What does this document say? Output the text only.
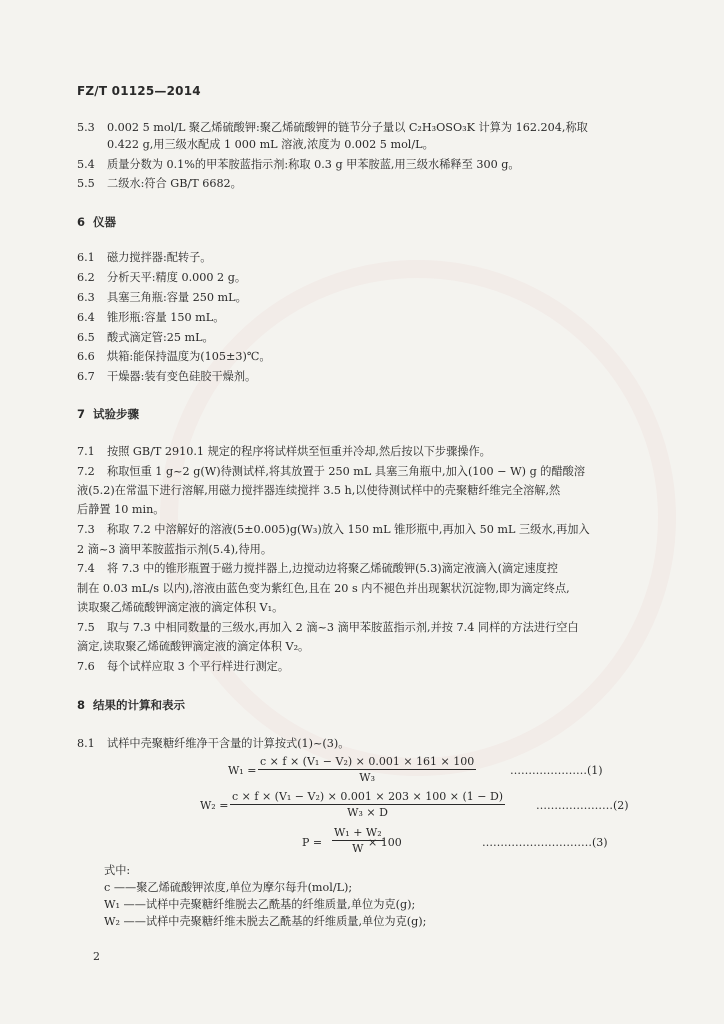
FZ/T 01125—2014
5.3 0.002 5 mol/L 聚乙烯硫酸钾:聚乙烯硫酸钾的链节分子量以 C₂H₃OSO₃K 计算为 162.204,称取
0.422 g,用三级水配成 1 000 mL 溶液,浓度为 0.002 5 mol/L。
5.4 质量分数为 0.1%的甲苯胺蓝指示剂:称取 0.3 g 甲苯胺蓝,用三级水稀释至 300 g。
5.5 二级水:符合 GB/T 6682。
6 仪器
6.1 磁力搅拌器:配转子。
6.2 分析天平:精度 0.000 2 g。
6.3 具塞三角瓶:容量 250 mL。
6.4 锥形瓶:容量 150 mL。
6.5 酸式滴定管:25 mL。
6.6 烘箱:能保持温度为(105±3)℃。
6.7 干燥器:装有变色硅胶干燥剂。
7 试验步骤
7.1 按照 GB/T 2910.1 规定的程序将试样烘至恒重并冷却,然后按以下步骤操作。
7.2 称取恒重 1 g~2 g(W)待测试样,将其放置于 250 mL 具塞三角瓶中,加入(100 − W) g 的醋酸溶
液(5.2)在常温下进行溶解,用磁力搅拌器连续搅拌 3.5 h,以使待测试样中的壳聚糖纤维完全溶解,然
后静置 10 min。
7.3 称取 7.2 中溶解好的溶液(5±0.005)g(W₃)放入 150 mL 锥形瓶中,再加入 50 mL 三级水,再加入
2 滴~3 滴甲苯胺蓝指示剂(5.4),待用。
7.4 将 7.3 中的锥形瓶置于磁力搅拌器上,边搅动边将聚乙烯硫酸钾(5.3)滴定液滴入(滴定速度控
制在 0.03 mL/s 以内),溶液由蓝色变为紫红色,且在 20 s 内不褪色并出现絮状沉淀物,即为滴定终点,
读取聚乙烯硫酸钾滴定液的滴定体积 V₁。
7.5 取与 7.3 中相同数量的三级水,再加入 2 滴~3 滴甲苯胺蓝指示剂,并按 7.4 同样的方法进行空白
滴定,读取聚乙烯硫酸钾滴定液的滴定体积 V₂。
7.6 每个试样应取 3 个平行样进行测定。
8 结果的计算和表示
8.1 试样中壳聚糖纤维净干含量的计算按式(1)~(3)。
$W_1 = \frac{\text{c × f × (V₁ − V₂) × 0.001 × 161 × 100}}{\text{W₃}}$	…………………(1)
$W_2 = \frac{\text{c × f × (V₁ − V₂) × 0.001 × 203 × 100 × (1 − D)}}{\text{W₃ × D}}$	…………………(2)
$P = \frac{\text{W₁ + W₂}}{W}$
× 100	…………………………(3)
式中:
c ——聚乙烯硫酸钾浓度,单位为摩尔每升(mol/L);
W₁ ——试样中壳聚糖纤维脱去乙酰基的纤维质量,单位为克(g);
W₂ ——试样中壳聚糖纤维未脱去乙酰基的纤维质量,单位为克(g);
2
